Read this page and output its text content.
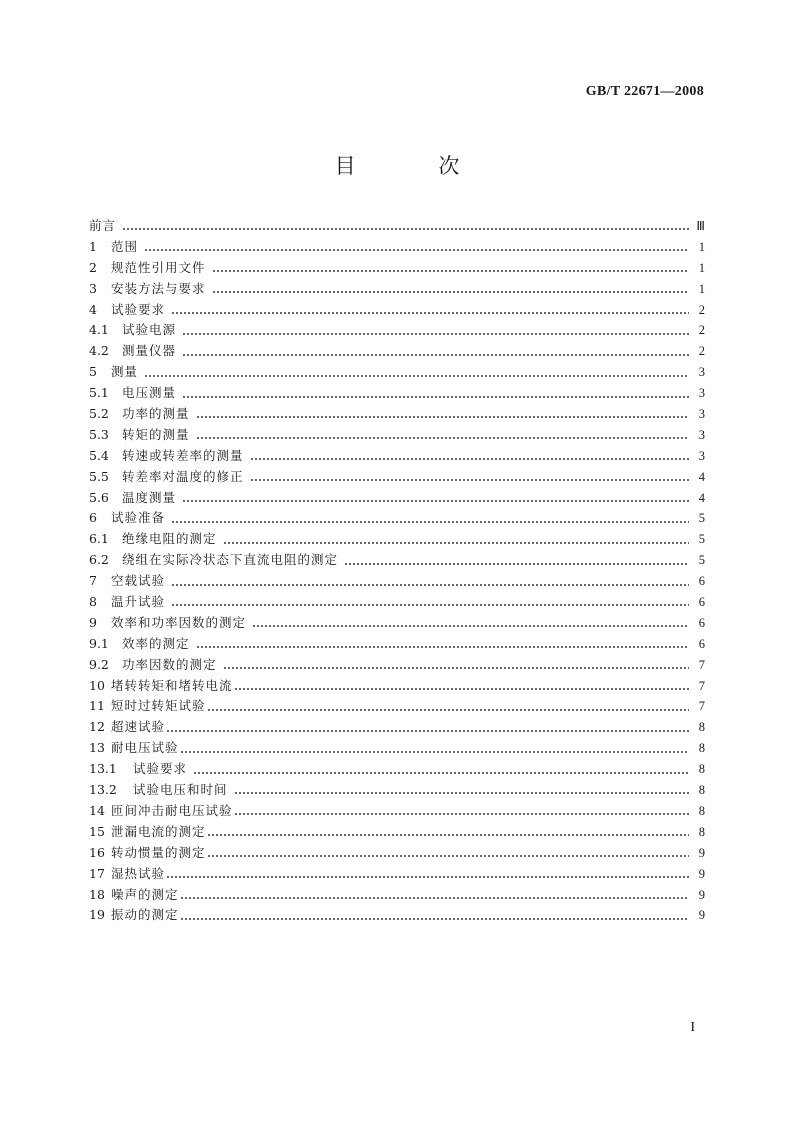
GB/T 22671—2008
目 次
前言	Ⅲ
1	范围	1
2	规范性引用文件	1
3	安装方法与要求	1
4	试验要求	2
4.1	试验电源	2
4.2	测量仪器	2
5	测量	3
5.1	电压测量	3
5.2	功率的测量	3
5.3	转矩的测量	3
5.4	转速或转差率的测量	3
5.5	转差率对温度的修正	4
5.6	温度测量	4
6	试验准备	5
6.1	绝缘电阻的测定	5
6.2	绕组在实际冷状态下直流电阻的测定	5
7	空载试验	6
8	温升试验	6
9	效率和功率因数的测定	6
9.1	效率的测定	6
9.2	功率因数的测定	7
10 堵转转矩和堵转电流	7
11 短时过转矩试验	7
12 超速试验	8
13 耐电压试验	8
13.1	试验要求	8
13.2	试验电压和时间	8
14 匝间冲击耐电压试验	8
15 泄漏电流的测定	8
16 转动惯量的测定	9
17 湿热试验	9
18 噪声的测定	9
19 振动的测定	9
I
